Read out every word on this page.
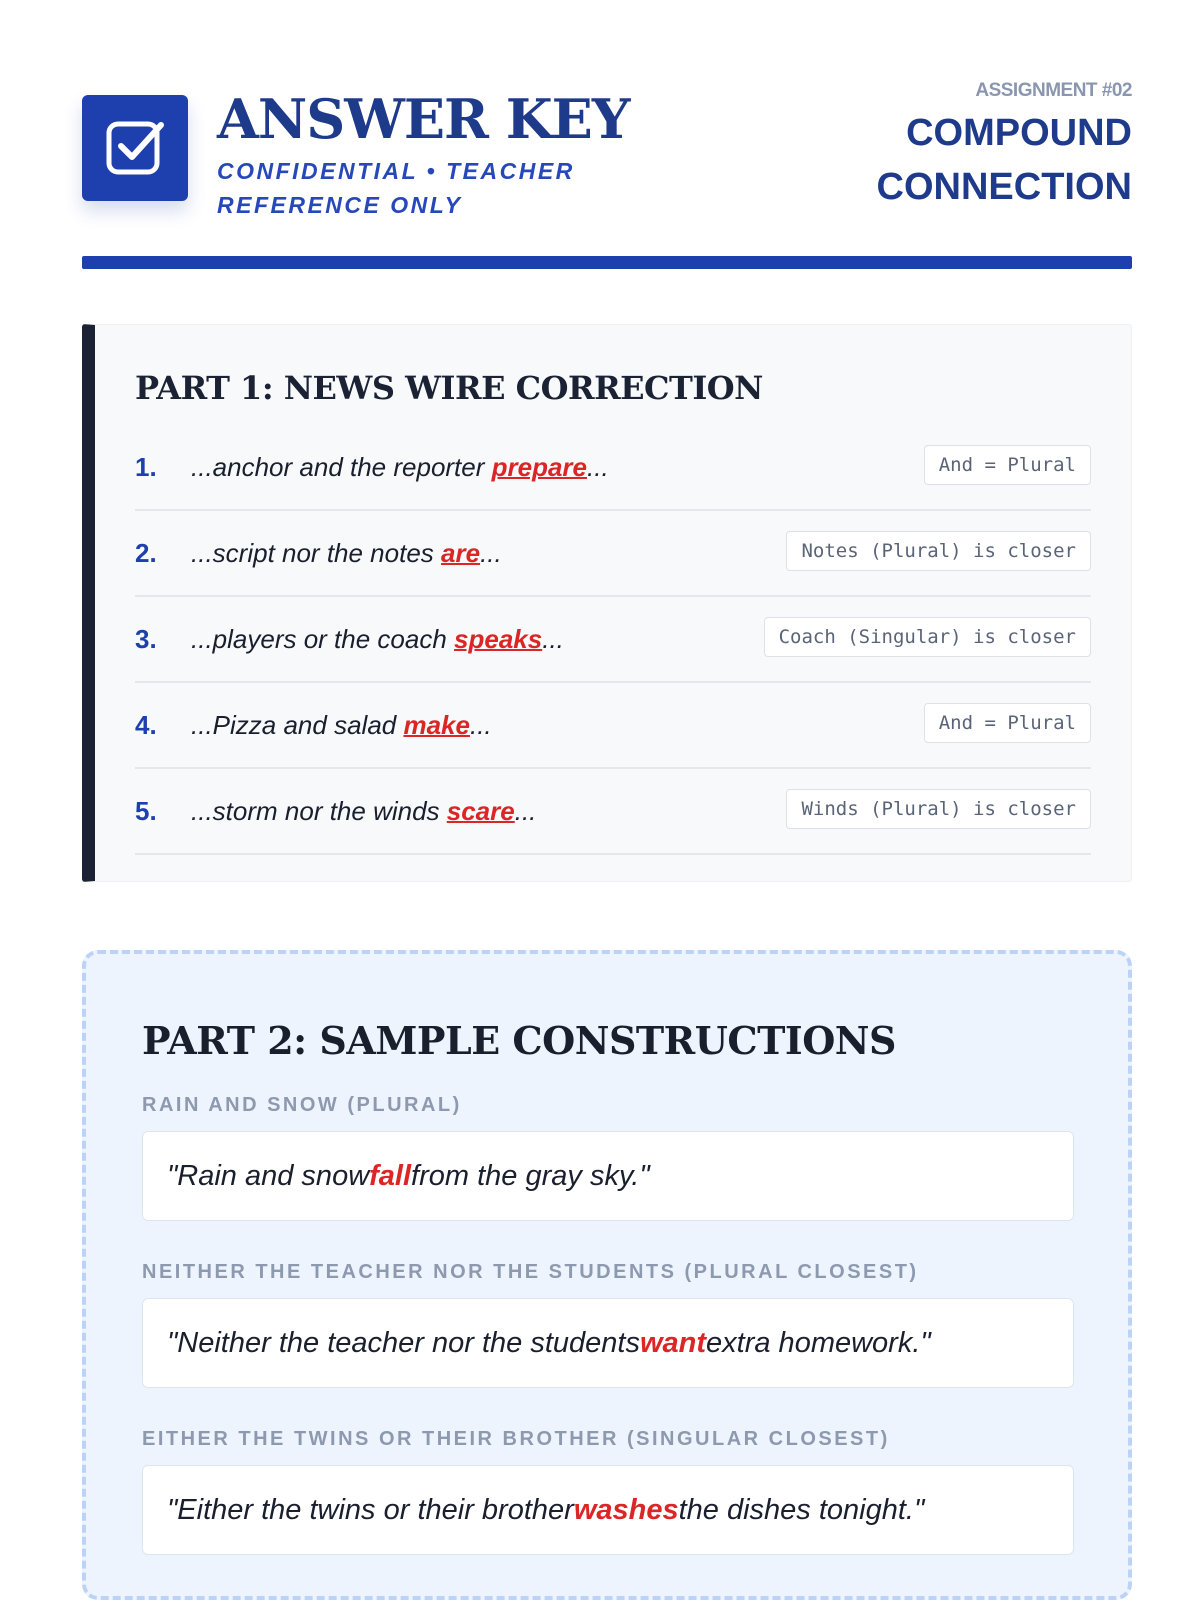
ANSWER KEY
CONFIDENTIAL • TEACHER REFERENCE ONLY
ASSIGNMENT #02
COMPOUND CONNECTION
PART 1: NEWS WIRE CORRECTION
1.	...anchor and the reporter prepare...	And = Plural
2.	...script nor the notes are...	Notes (Plural) is closer
3.	...players or the coach speaks...	Coach (Singular) is closer
4.	...Pizza and salad make...	And = Plural
5.	...storm nor the winds scare...	Winds (Plural) is closer
PART 2: SAMPLE CONSTRUCTIONS
RAIN AND SNOW (PLURAL)
"Rain and snow fall from the gray sky."
NEITHER THE TEACHER NOR THE STUDENTS (PLURAL CLOSEST)
"Neither the teacher nor the students want extra homework."
EITHER THE TWINS OR THEIR BROTHER (SINGULAR CLOSEST)
"Either the twins or their brother washes the dishes tonight."
